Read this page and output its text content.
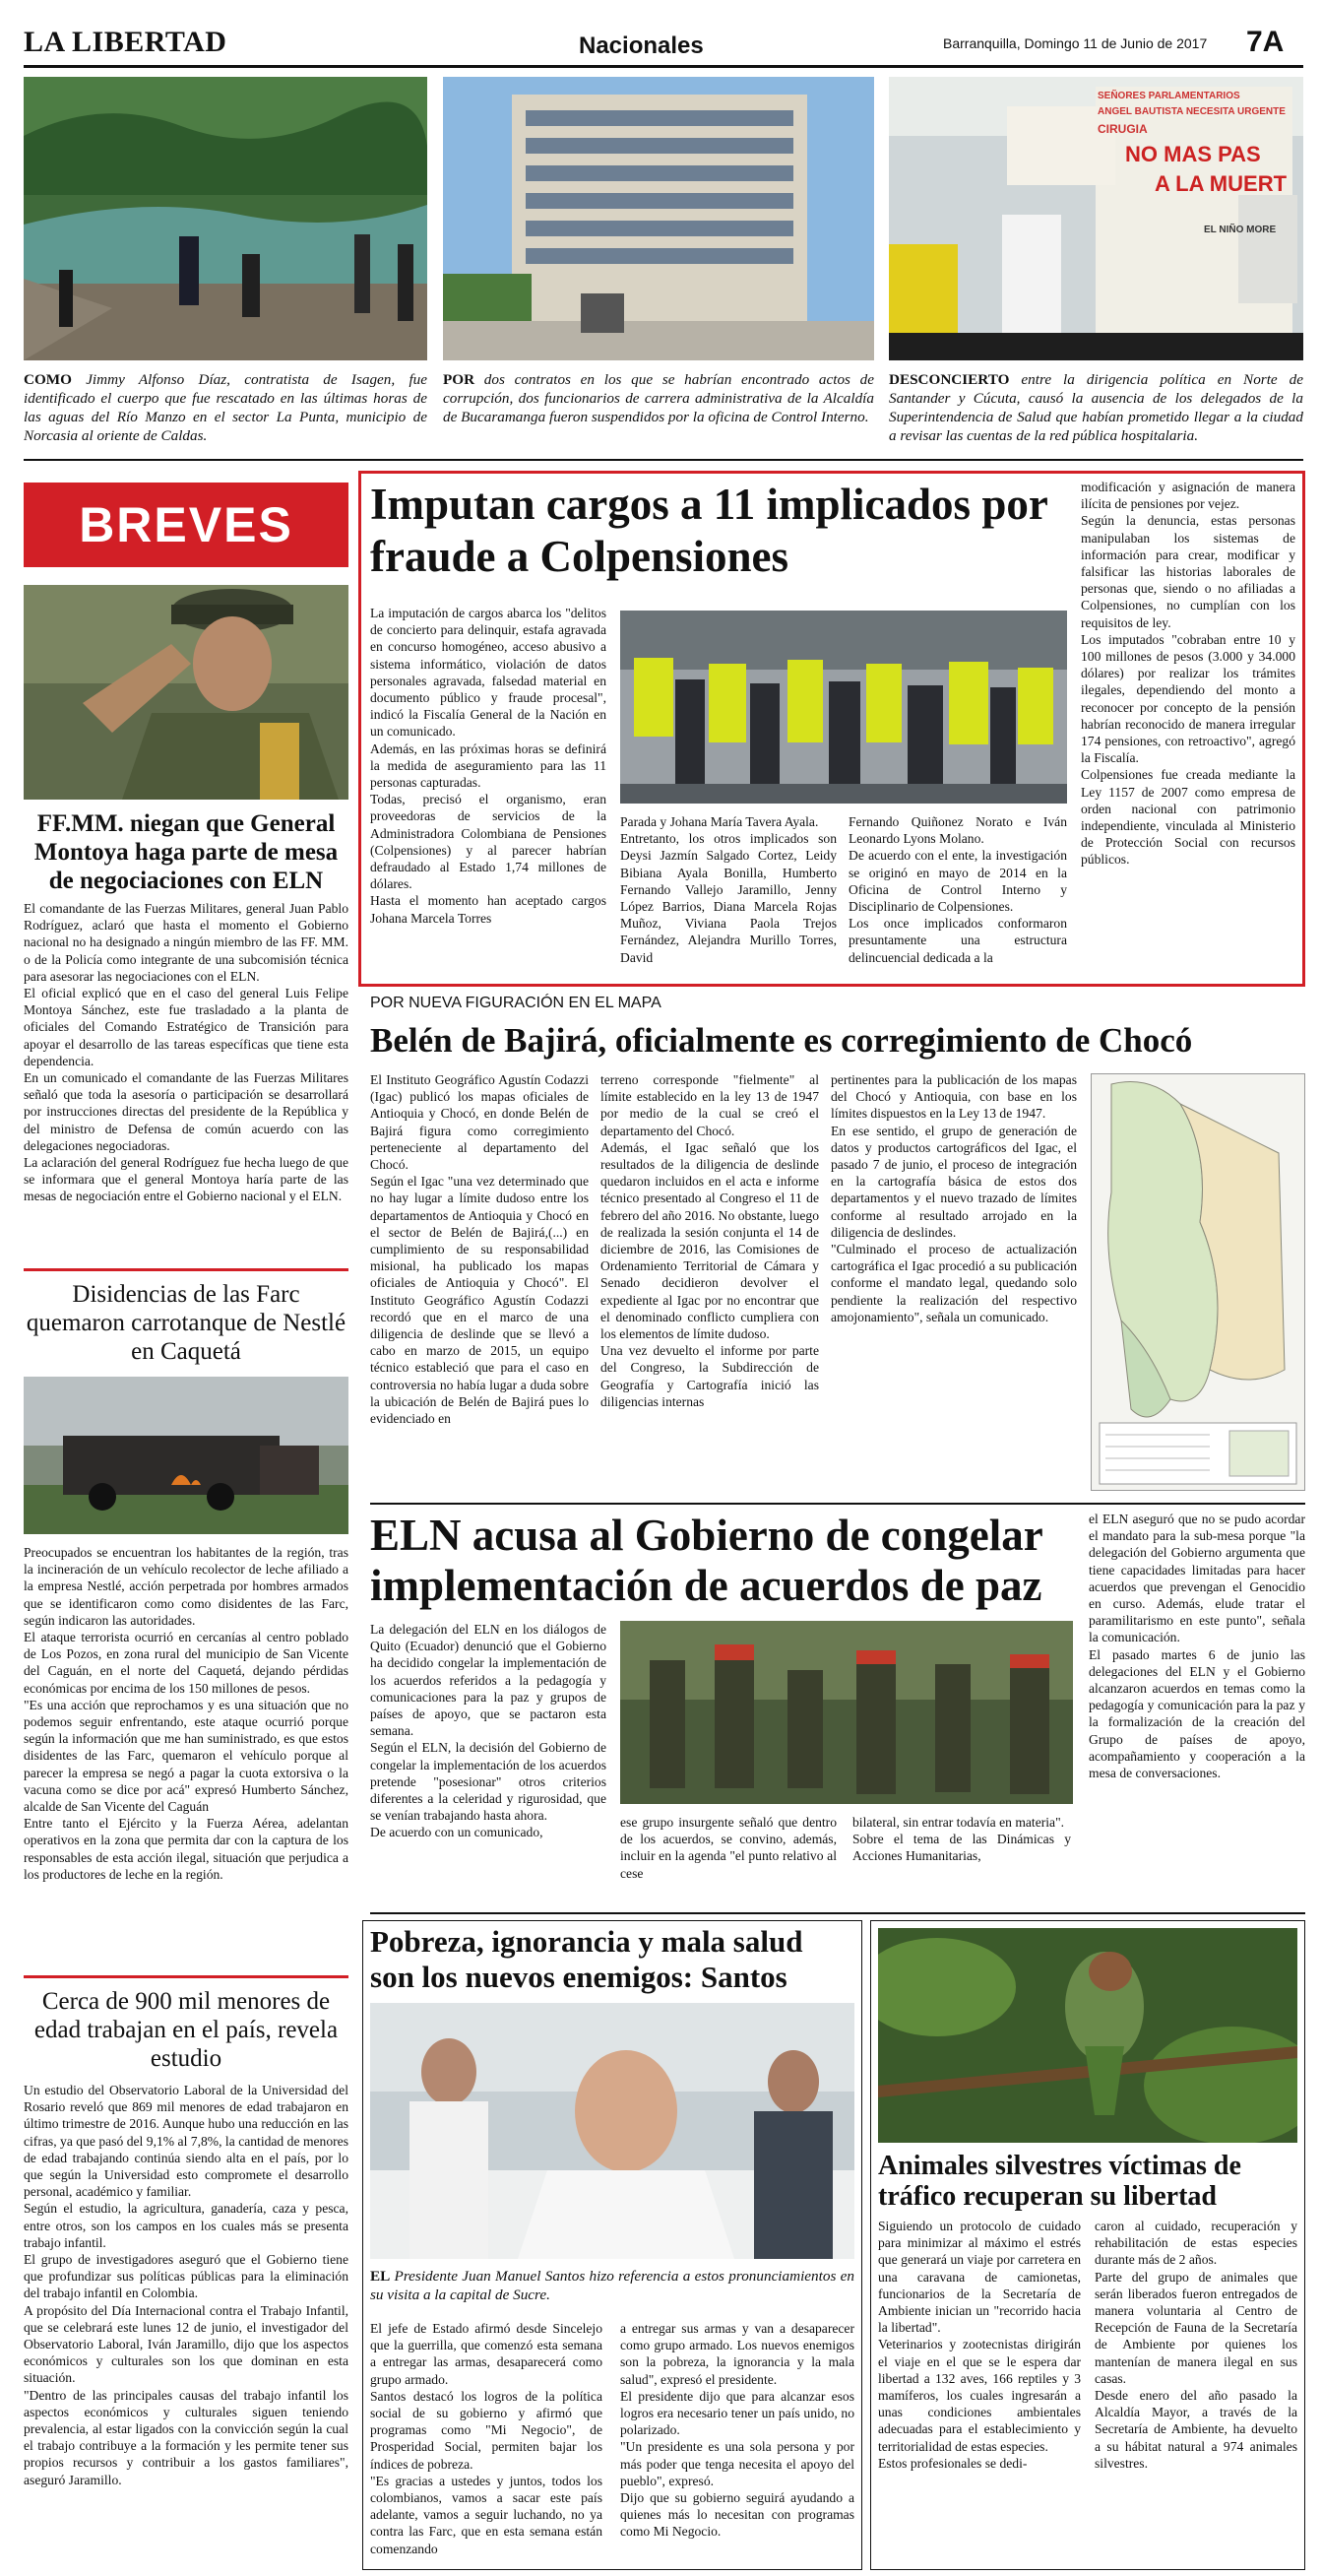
LA LIBERTAD	Nacionales	Barranquilla, Domingo 11 de Junio de 2017 7A
SEÑORES PARLAMENTARIOS
ANGEL BAUTISTA NECESITA URGENTE
CIRUGIA
NO MAS PAS
A LA MUERT
EL NIÑO MORE
COMO Jimmy Alfonso Díaz, contratista de Isagen, fue identificado el cuerpo que fue rescatado en las últimas horas de las aguas del Río Manzo en el sector La Punta, municipio de Norcasia al oriente de Caldas.
POR dos contratos en los que se habrían encontrado actos de corrupción, dos funcionarios de carrera administrativa de la Alcaldía de Bucaramanga fueron suspendidos por la oficina de Control Interno.
DESCONCIERTO entre la dirigencia política en Norte de Santander y Cúcuta, causó la ausencia de los delegados de la Superintendencia de Salud que habían prometido llegar a la ciudad a revisar las cuentas de la red pública hospitalaria.
BREVES
FF.MM. niegan que General Montoya haga parte de mesa de negociaciones con ELN
El comandante de las Fuerzas Militares, general Juan Pablo Rodríguez, aclaró que hasta el momento el Gobierno nacional no ha designado a ningún miembro de las FF. MM. o de la Policía como integrante de una subcomisión técnica para asesorar las negociaciones con el ELN.
El oficial explicó que en el caso del general Luis Felipe Montoya Sánchez, este fue trasladado a la planta de oficiales del Comando Estratégico de Transición para apoyar el desarrollo de las tareas específicas que tiene esta dependencia.
En un comunicado el comandante de las Fuerzas Militares señaló que toda la asesoría o participación se desarrollará por instrucciones directas del presidente de la República y del ministro de Defensa de común acuerdo con las delegaciones negociadoras.
La aclaración del general Rodríguez fue hecha luego de que se informara que el general Montoya haría parte de las mesas de negociación entre el Gobierno nacional y el ELN.
Disidencias de las Farc quemaron carrotanque de Nestlé en Caquetá
Preocupados se encuentran los habitantes de la región, tras la incineración de un vehículo recolector de leche afiliado a la empresa Nestlé, acción perpetrada por hombres armados que se identificaron como como disidentes de las Farc, según indicaron las autoridades.
El ataque terrorista ocurrió en cercanías al centro poblado de Los Pozos, en zona rural del municipio de San Vicente del Caguán, en el norte del Caquetá, dejando pérdidas económicas por encima de los 150 millones de pesos.
"Es una acción que reprochamos y es una situación que no podemos seguir enfrentando, este ataque ocurrió porque según la información que me han suministrado, es que estos disidentes de las Farc, quemaron el vehículo porque al parecer la empresa se negó a pagar la cuota extorsiva o la vacuna como se dice por acá" expresó Humberto Sánchez, alcalde de San Vicente del Caguán
Entre tanto el Ejército y la Fuerza Aérea, adelantan operativos en la zona que permita dar con la captura de los responsables de esta acción ilegal, situación que perjudica a los productores de leche en la región.
Cerca de 900 mil menores de edad trabajan en el país, revela estudio
Un estudio del Observatorio Laboral de la Universidad del Rosario reveló que 869 mil menores de edad trabajaron en último trimestre de 2016. Aunque hubo una reducción en las cifras, ya que pasó del 9,1% al 7,8%, la cantidad de menores de edad trabajando continúa siendo alta en el país, por lo que según la Universidad esto compromete el desarrollo personal, académico y familiar.
Según el estudio, la agricultura, ganadería, caza y pesca, entre otros, son los campos en los cuales más se presenta trabajo infantil.
El grupo de investigadores aseguró que el Gobierno tiene que profundizar sus políticas públicas para la eliminación del trabajo infantil en Colombia.
A propósito del Día Internacional contra el Trabajo Infantil, que se celebrará este lunes 12 de junio, el investigador del Observatorio Laboral, Iván Jaramillo, dijo que los aspectos económicos y culturales son los que dominan en esta situación.
"Dentro de las principales causas del trabajo infantil los aspectos económicos y culturales siguen teniendo prevalencia, al estar ligados con la convicción según la cual el trabajo contribuye a la formación y les permite tener sus propios recursos y contribuir a los gastos familiares", aseguró Jaramillo.
Imputan cargos a 11 implicados por fraude a Colpensiones
La imputación de cargos abarca los "delitos de concierto para delinquir, estafa agravada en concurso homogéneo, acceso abusivo a sistema informático, violación de datos personales agravada, falsedad material en documento público y fraude procesal", indicó la Fiscalía General de la Nación en un comunicado.
Además, en las próximas horas se definirá la medida de aseguramiento para las 11 personas capturadas.
Todas, precisó el organismo, eran proveedoras de servicios de la Administradora Colombiana de Pensiones (Colpensiones) y al parecer habrían defraudado al Estado 1,74 millones de dólares.
Hasta el momento han aceptado cargos Johana Marcela Torres
Parada y Johana María Tavera Ayala.
Entretanto, los otros implicados son Deysi Jazmín Salgado Cortez, Leidy Bibiana Ayala Bonilla, Humberto Fernando Vallejo Jaramillo, Jenny López Barrios, Diana Marcela Rojas Muñoz, Viviana Paola Trejos Fernández, Alejandra Murillo Torres, David
Fernando Quiñonez Norato e Iván Leonardo Lyons Molano.
De acuerdo con el ente, la investigación se originó en mayo de 2014 en la Oficina de Control Interno y Disciplinario de Colpensiones.
Los once implicados conformaron presuntamente una estructura delincuencial dedicada a la
modificación y asignación de manera ilícita de pensiones por vejez.
Según la denuncia, estas personas manipulaban los sistemas de información para crear, modificar y falsificar las historias laborales de personas que, siendo o no afiliadas a Colpensiones, no cumplían con los requisitos de ley.
Los imputados "cobraban entre 10 y 100 millones de pesos (3.000 y 34.000 dólares) por realizar los trámites ilegales, dependiendo del monto a reconocer por concepto de la pensión habrían reconocido de manera irregular 174 pensiones, con retroactivo", agregó la Fiscalía.
Colpensiones fue creada mediante la Ley 1157 de 2007 como empresa de orden nacional con patrimonio independiente, vinculada al Ministerio de Protección Social con recursos públicos.
POR NUEVA FIGURACIÓN EN EL MAPA
Belén de Bajirá, oficialmente es corregimiento de Chocó
El Instituto Geográfico Agustín Codazzi (Igac) publicó los mapas oficiales de Antioquia y Chocó, en donde Belén de Bajirá figura como corregimiento perteneciente al departamento del Chocó.
Según el Igac "una vez determinado que no hay lugar a límite dudoso entre los departamentos de Antioquia y Chocó en el sector de Belén de Bajirá,(...) en cumplimiento de su responsabilidad misional, ha publicado los mapas oficiales de Antioquia y Chocó". El Instituto Geográfico Agustín Codazzi recordó que en el marco de una diligencia de deslinde que se llevó a cabo en marzo de 2015, un equipo técnico estableció que para el caso en controversia no había lugar a duda sobre la ubicación de Belén de Bajirá pues lo evidenciado en
terreno corresponde "fielmente" al límite establecido en la ley 13 de 1947 por medio de la cual se creó el departamento del Chocó.
Además, el Igac señaló que los resultados de la diligencia de deslinde quedaron incluidos en el acta e informe técnico presentado al Congreso el 11 de febrero del año 2016. No obstante, luego de realizada la sesión conjunta el 14 de diciembre de 2016, las Comisiones de Ordenamiento Territorial de Cámara y Senado decidieron devolver el expediente al Igac por no encontrar que el denominado conflicto cumpliera con los elementos de límite dudoso.
Una vez devuelto el informe por parte del Congreso, la Subdirección de Geografía y Cartografía inició las diligencias internas
pertinentes para la publicación de los mapas del Chocó y Antioquia, con base en los límites dispuestos en la Ley 13 de 1947.
En ese sentido, el grupo de generación de datos y productos cartográficos del Igac, el pasado 7 de junio, el proceso de integración en la cartografía básica de estos dos departamentos y el nuevo trazado de límites conforme al resultado arrojado en la diligencia de deslindes.
"Culminado el proceso de actualización cartográfica el Igac procedió a su publicación conforme el mandato legal, quedando solo pendiente la realización del respectivo amojonamiento", señala un comunicado.
ELN acusa al Gobierno de congelar implementación de acuerdos de paz
La delegación del ELN en los diálogos de Quito (Ecuador) denunció que el Gobierno ha decidido congelar la implementación de los acuerdos referidos a la pedagogía y comunicaciones para la paz y grupos de países de apoyo, que se pactaron esta semana.
Según el ELN, la decisión del Gobierno de congelar la implementación de los acuerdos pretende "posesionar" otros criterios diferentes a la celeridad y rigurosidad, que se venían trabajando hasta ahora.
De acuerdo con un comunicado,
ese grupo insurgente señaló que dentro de los acuerdos, se convino, además, incluir en la agenda "el punto relativo al cese
bilateral, sin entrar todavía en materia".
Sobre el tema de las Dinámicas y Acciones Humanitarias,
el ELN aseguró que no se pudo acordar el mandato para la sub-mesa porque "la delegación del Gobierno argumenta que tiene capacidades limitadas para hacer acuerdos que prevengan el Genocidio en curso. Además, elude tratar el paramilitarismo en este punto", señala la comunicación.
El pasado martes 6 de junio las delegaciones del ELN y el Gobierno alcanzaron acuerdos en temas como la pedagogía y comunicación para la paz y la formalización de la creación del Grupo de países de apoyo, acompañamiento y cooperación a la mesa de conversaciones.
Pobreza, ignorancia y mala salud son los nuevos enemigos: Santos
EL Presidente Juan Manuel Santos hizo referencia a estos pronunciamientos en su visita a la capital de Sucre.
El jefe de Estado afirmó desde Sincelejo que la guerrilla, que comenzó esta semana a entregar las armas, desaparecerá como grupo armado.
Santos destacó los logros de la política social de su gobierno y afirmó que programas como "Mi Negocio", de Prosperidad Social, permiten bajar los índices de pobreza.
"Es gracias a ustedes y juntos, todos los colombianos, vamos a sacar este país adelante, vamos a seguir luchando, no ya contra las Farc, que en esta semana están comenzando
a entregar sus armas y van a desaparecer como grupo armado. Los nuevos enemigos son la pobreza, la ignorancia y la mala salud", expresó el presidente.
El presidente dijo que para alcanzar esos logros era necesario tener un país unido, no polarizado.
"Un presidente es una sola persona y por más poder que tenga necesita el apoyo del pueblo", expresó.
Dijo que su gobierno seguirá ayudando a quienes más lo necesitan con programas como Mi Negocio.
Animales silvestres víctimas de tráfico recuperan su libertad
Siguiendo un protocolo de cuidado para minimizar al máximo el estrés que generará un viaje por carretera en una caravana de camionetas, funcionarios de la Secretaría de Ambiente inician un "recorrido hacia la libertad".
Veterinarios y zootecnistas dirigirán el viaje en el que se le espera dar libertad a 132 aves, 166 reptiles y 3 mamíferos, los cuales ingresarán a unas condiciones ambientales adecuadas para el establecimiento y territorialidad de estas especies.
Estos profesionales se dedi-
caron al cuidado, recuperación y rehabilitación de estas especies durante más de 2 años.
Parte del grupo de animales que serán liberados fueron entregados de manera voluntaria al Centro de Recepción de Fauna de la Secretaría de Ambiente por quienes los mantenían de manera ilegal en sus casas.
Desde enero del año pasado la Alcaldía Mayor, a través de la Secretaría de Ambiente, ha devuelto a su hábitat natural a 974 animales silvestres.
